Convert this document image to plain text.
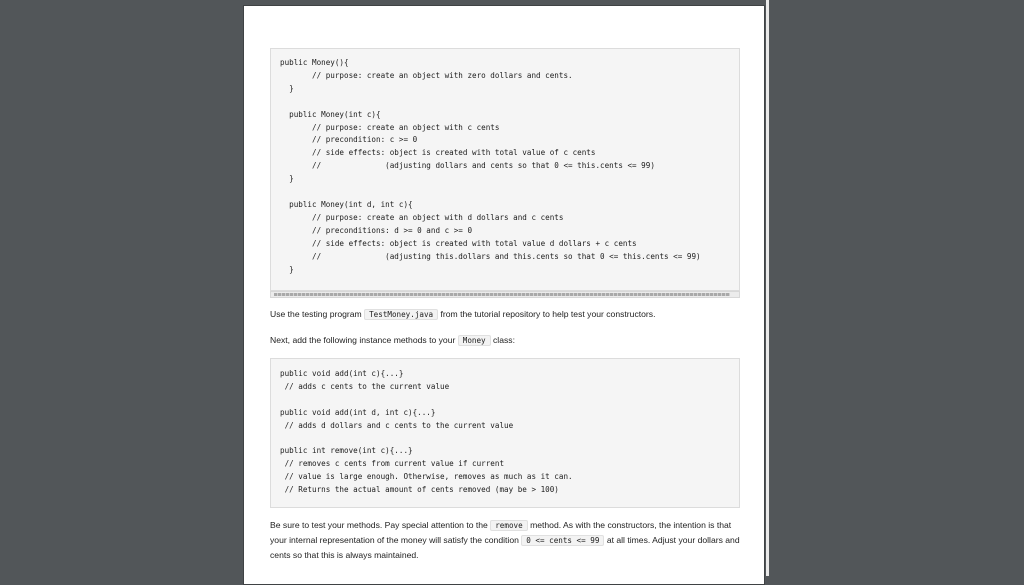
public Money(){
// purpose: create an object with zero dollars and cents.
}

public Money(int c){
// purpose: create an object with c cents
// precondition: c >= 0
// side effects: object is created with total value of c cents
//              (adjusting dollars and cents so that 0 <= this.cents <= 99)
}

public Money(int d, int c){
// purpose: create an object with d dollars and c cents
// preconditions: d >= 0 and c >= 0
// side effects: object is created with total value d dollars + c cents
//              (adjusting this.dollars and this.cents so that 0 <= this.cents <= 99)
}

Use the testing program TestMoney.java from the tutorial repository to help test your constructors.

Next, add the following instance methods to your Money class:

public void add(int c){...}
// adds c cents to the current value

public void add(int d, int c){...}
// adds d dollars and c cents to the current value

public int remove(int c){...}
// removes c cents from current value if current
// value is large enough. Otherwise, removes as much as it can.
// Returns the actual amount of cents removed (may be > 100)

Be sure to test your methods. Pay special attention to the remove method. As with the constructors, the intention is that your internal representation of the money will satisfy the condition 0 <= cents <= 99 at all times. Adjust your dollars and cents so that this is always maintained.
